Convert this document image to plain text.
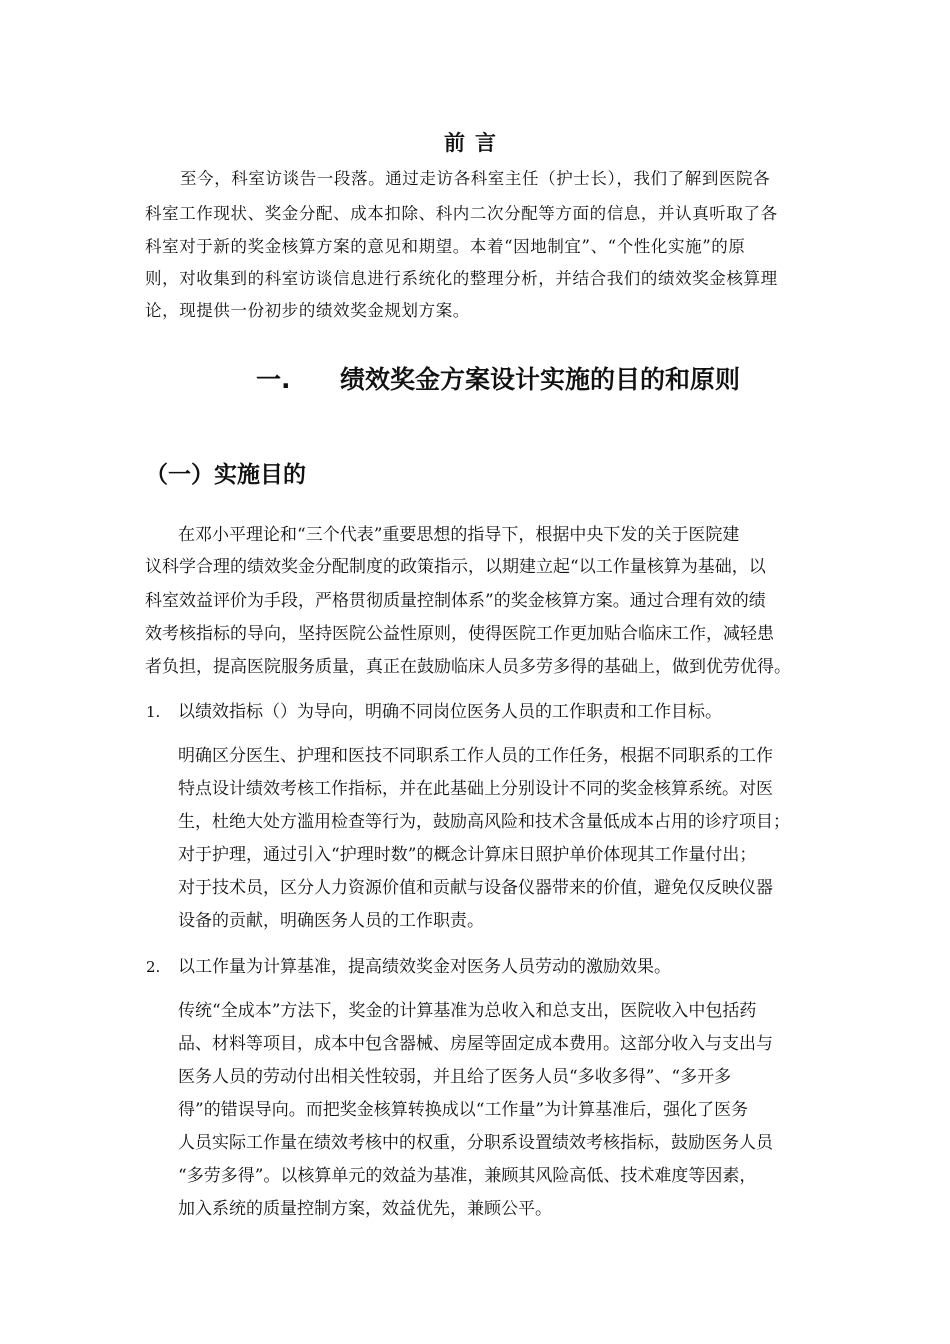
前言
至今，科室访谈告一段落。通过走访各科室主任（护士长），我们了解到医院各
科室工作现状、奖金分配、成本扣除、科内二次分配等方面的信息，并认真听取了各
科室对于新的奖金核算方案的意见和期望。本着“因地制宜”、“个性化实施”的原
则，对收集到的科室访谈信息进行系统化的整理分析，并结合我们的绩效奖金核算理
论，现提供一份初步的绩效奖金规划方案。
一. 绩效奖金方案设计实施的目的和原则
（一）实施目的
在邓小平理论和“三个代表”重要思想的指导下，根据中央下发的关于医院建
议科学合理的绩效奖金分配制度的政策指示，以期建立起“以工作量核算为基础，以
科室效益评价为手段，严格贯彻质量控制体系”的奖金核算方案。通过合理有效的绩
效考核指标的导向，坚持医院公益性原则，使得医院工作更加贴合临床工作，减轻患
者负担，提高医院服务质量，真正在鼓励临床人员多劳多得的基础上，做到优劳优得。
1. 以绩效指标（）为导向，明确不同岗位医务人员的工作职责和工作目标。
明确区分医生、护理和医技不同职系工作人员的工作任务，根据不同职系的工作
特点设计绩效考核工作指标，并在此基础上分别设计不同的奖金核算系统。对医
生，杜绝大处方滥用检查等行为，鼓励高风险和技术含量低成本占用的诊疗项目；
对于护理，通过引入“护理时数”的概念计算床日照护单价体现其工作量付出；
对于技术员，区分人力资源价值和贡献与设备仪器带来的价值，避免仅反映仪器
设备的贡献，明确医务人员的工作职责。
2. 以工作量为计算基准，提高绩效奖金对医务人员劳动的激励效果。
传统“全成本”方法下，奖金的计算基准为总收入和总支出，医院收入中包括药
品、材料等项目，成本中包含器械、房屋等固定成本费用。这部分收入与支出与
医务人员的劳动付出相关性较弱，并且给了医务人员“多收多得”、“多开多
得”的错误导向。而把奖金核算转换成以“工作量”为计算基准后，强化了医务
人员实际工作量在绩效考核中的权重，分职系设置绩效考核指标，鼓励医务人员
“多劳多得”。以核算单元的效益为基准，兼顾其风险高低、技术难度等因素，
加入系统的质量控制方案，效益优先，兼顾公平。
